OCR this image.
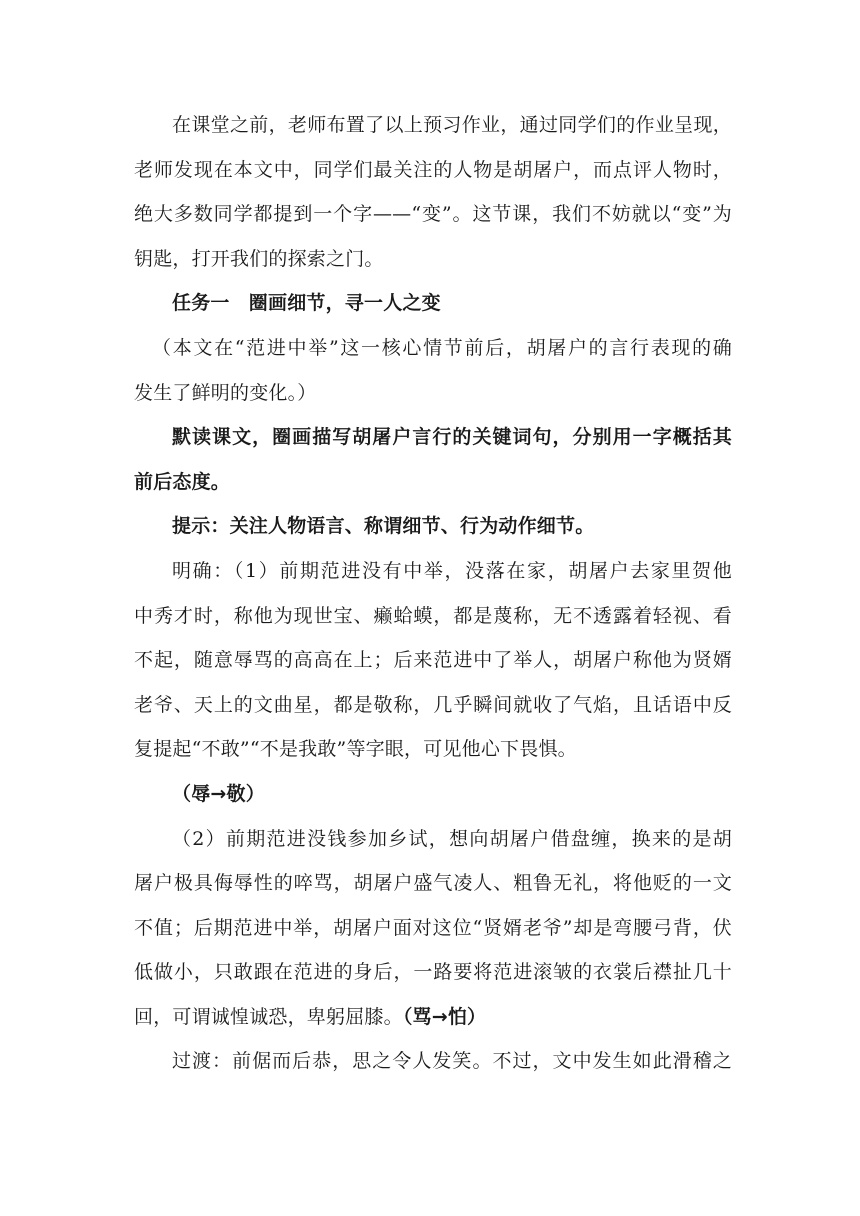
在课堂之前，老师布置了以上预习作业，通过同学们的作业呈现，
老师发现在本文中，同学们最关注的人物是胡屠户，而点评人物时，
绝大多数同学都提到一个字——“变”。这节课，我们不妨就以“变”为
钥匙，打开我们的探索之门。
任务一　圈画细节，寻一人之变
（本文在“范进中举”这一核心情节前后，胡屠户的言行表现的确
发生了鲜明的变化。）
默读课文，圈画描写胡屠户言行的关键词句，分别用一字概括其
前后态度。
提示：关注人物语言、称谓细节、行为动作细节。
明确：（1）前期范进没有中举，没落在家，胡屠户去家里贺他
中秀才时，称他为现世宝、癞蛤蟆，都是蔑称，无不透露着轻视、看
不起，随意辱骂的高高在上；后来范进中了举人，胡屠户称他为贤婿
老爷、天上的文曲星，都是敬称，几乎瞬间就收了气焰，且话语中反
复提起“不敢”“不是我敢”等字眼，可见他心下畏惧。
（辱→敬）
（2）前期范进没钱参加乡试，想向胡屠户借盘缠，换来的是胡
屠户极具侮辱性的啐骂，胡屠户盛气凌人、粗鲁无礼，将他贬的一文
不值；后期范进中举，胡屠户面对这位“贤婿老爷”却是弯腰弓背，伏
低做小，只敢跟在范进的身后，一路要将范进滚皱的衣裳后襟扯几十
回，可谓诚惶诚恐，卑躬屈膝。（骂→怕）
过渡：前倨而后恭，思之令人发笑。不过，文中发生如此滑稽之
